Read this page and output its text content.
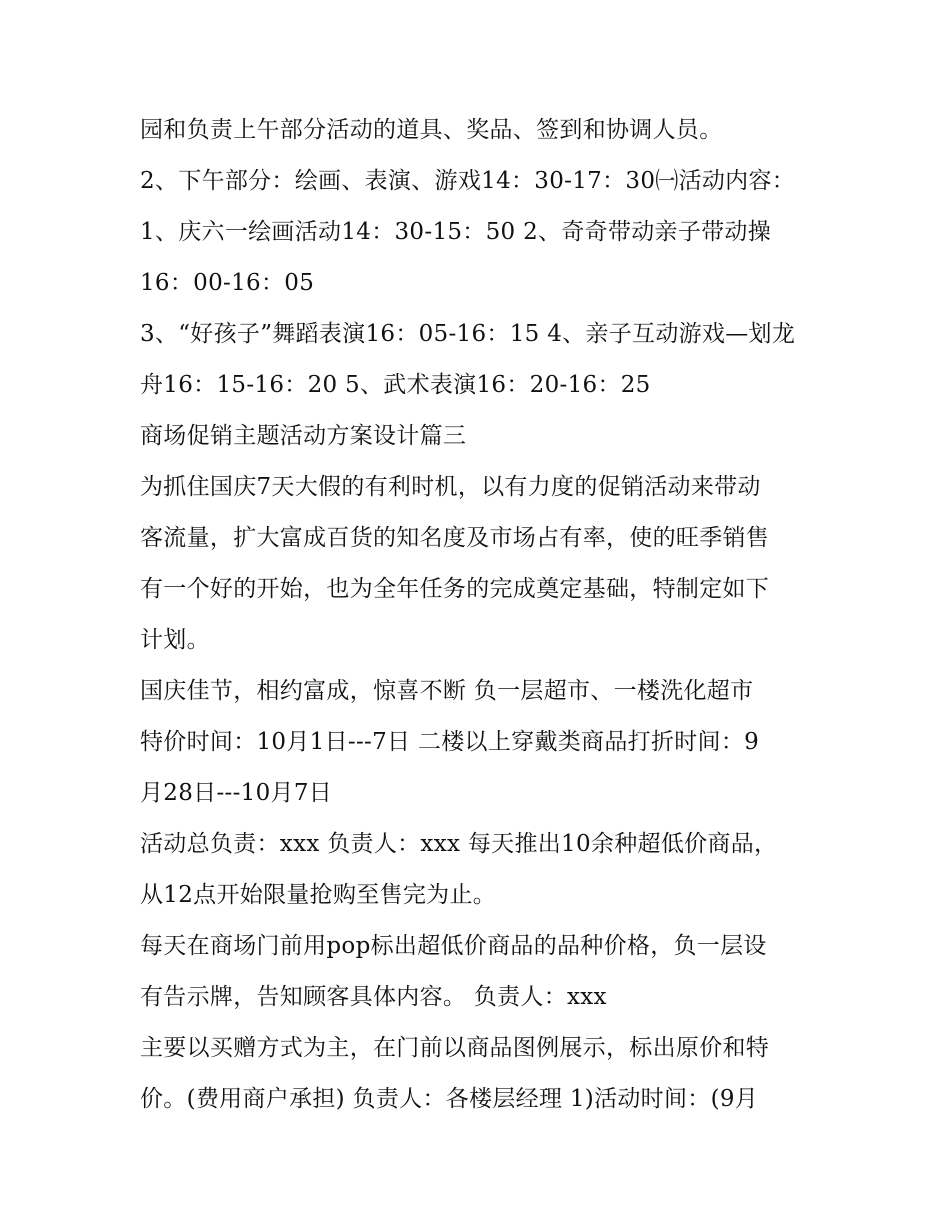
园和负责上午部分活动的道具、奖品、签到和协调人员。
2、下午部分：绘画、表演、游戏14：30-17：30㈠活动内容：
1、庆六一绘画活动14：30-15：50 2、奇奇带动亲子带动操
16：00-16：05
3、“好孩子”舞蹈表演16：05-16：15 4、亲子互动游戏—划龙
舟16：15-16：20 5、武术表演16：20-16：25
商场促销主题活动方案设计篇三
为抓住国庆7天大假的有利时机，以有力度的促销活动来带动
客流量，扩大富成百货的知名度及市场占有率，使的旺季销售
有一个好的开始，也为全年任务的完成奠定基础，特制定如下
计划。
国庆佳节，相约富成，惊喜不断 负一层超市、一楼洗化超市
特价时间：10月1日---7日 二楼以上穿戴类商品打折时间：9
月28日---10月7日
活动总负责：xxx 负责人：xxx 每天推出10余种超低价商品，
从12点开始限量抢购至售完为止。
每天在商场门前用pop标出超低价商品的品种价格，负一层设
有告示牌，告知顾客具体内容。 负责人：xxx
主要以买赠方式为主，在门前以商品图例展示，标出原价和特
价。(费用商户承担) 负责人：各楼层经理 1)活动时间：(9月
